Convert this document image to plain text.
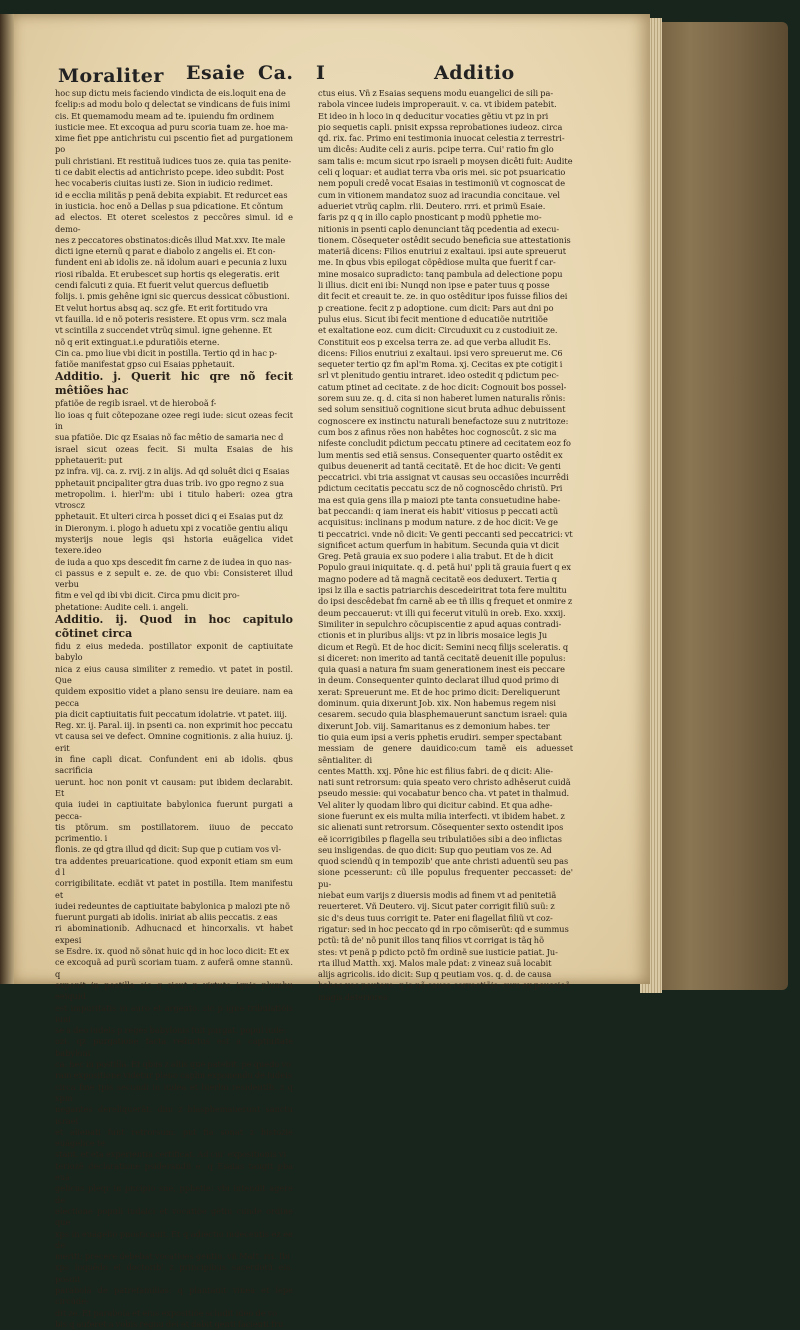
Moraliter Esaie Ca. I	Additio
hoc sup dictu meis faciendo vindicta de eis.loquit ena de
fcelip:s ad modu bolo q delectat se vindicans de fuis inimi
cis. Et quemamodu meam ad te. ipuiendu fm ordinem
iusticie mee. Et excoqua ad puru scoria tuam ze. hoe ma-
xime fiet ppe antichristu cui pscentio fiet ad purgationem po
puli christiani. Et restituã iudices tuos ze. quia tas penite-
ti ce dabit electis ad antichristo pcepe. ideo subdit: Post
hec vocaberis ciuitas iusti ze. Sion in iudicio redimet.
id e ecclia militãs p penã debita expiabit. Et redurcet eas
in iusticia. hoc enõ a Dellas p sua pdicatione. Et cõntum
ad electos. Et oteret scelestos z peccõres simul. id e demo-
nes z peccatores obstinatos:dicês illud Mat.xxv. Ite male
dicti igne eternũ q parat e diabolo z angelis ei. Et con-
fundent eni ab idolis ze. nã idolum auari e pecunia z luxu
riosi ribalda. Et erubescet sup hortis qs elegeratis. erit
cendi falcuti z quia. Et fuerit velut quercus defluetib
folijs. i. pmis gehêne igni sic quercus dessicat cõbustioni.
Et velut hortus absq aq. scz gfe. Et erit fortitudo vra
vt fauilla. id e nõ poteris resistere. Et opus vrm. scz mala
vt scintilla z succendet vtrũq simul. igne gehenne. Et
nõ q erit extinguat.i.e pduratiõis eterne.
Cin ca. pmo liue vbi dicit in postilla. Tertio qd in hac p-
fatiõe manifestat gpso cui Esaias pphetauit.
Additio. j. Querit hic qre nõ fecit mêtiões hac
pfatiõe de regib israel. vt de hieroboã f-
lio ioas q fuit cõtepozane ozee regi iude: sicut ozeas fecit in
sua pfatiõe. Dic qz Esaias nõ fac mêtio de samaria nec d
israel sicut ozeas fecit. Si multa Esaias de his pphetauerit: put
pz infra. vij. ca. z. rvij. z in alijs. Ad qd soluêt dici q Esaias
pphetauit pncipaliter gtra duas trib. ivo gpo regno z sua
metropolim. i. hierl'm: ubi i titulo haberi: ozea gtra vtroscz
pphetauit. Et ulteri circa h posset dici q ei Esaias put dz
in Dieronym. i. plogo h aduetu xpi z vocatiõe gentiu aliqu
mysterijs noue legis qsi hstoria euãgelica videt texere.ideo
de iuda a quo xps descedit fm carne z de iudea in quo nas-
ci passus e z sepult e. ze. de quo vbi: Consisteret illud verbu
fitm e vel qd ibi vbi dicit. Circa pmu dicit pro-
phetatione: Audite celi. i. angeli.
Additio. ij. Quod in hoc capitulo cõtinet circa
fidu z eius mededa. postillator exponit de captiuitate babylo
nica z eius causa similiter z remedio. vt patet in postil. Que
quidem expositio videt a plano sensu ire deuiare. nam ea pecca
pia dicit captiuitatis fuit peccatum idolatrie. vt patet. iiij.
Reg. xr. ij. Paral. iij. in psenti ca. non exprimit hoc peccatu
vt causa sei ve defect. Omnine cognitionis. z alia huiuz. ij. erit
in fine capli dicat. Confundent eni ab idolis. qbus sacrificia
uerunt. hoc non ponit vt causam: put ibidem declarabit. Et
quia iudei in captiuitate babylonica fuerunt purgati a pecca-
tis ptõrum. sm postillatorem. iiuuo de peccato pcrimentio. i
flonis. ze qd gtra illud qd dicit: Sup que p cutiam vos vl-
tra addentes preuaricatione. quod exponit etiam sm eum d l
corrigibilitate. ecdiãt vt patet in postilla. Item manifestu et
iudei redeuntes de captiuitate babylonica p malozi pte nõ
fuerunt purgati ab idolis. iniriat ab aliis peccatis. z eas
ri abominationib. Adhucnacd et hincorxalis. vt habet expesi
se Esdre. ix. quod nõ sõnat huic qd in hoc loco dicit: Et ex
ce excoquã ad purũ scoriam tuam. z auferã omne stannũ. q
exponit in postilla sic q sicut p virtute ignis plumbu eeiquid
est impuritatis in auro et argento. sic p igne tribulatiõis iuni
se a deo iudeis p reges babylonis fuit purgat. popul iude:
ozi. qz purgatione facta reductus est a captiuitate babyloni
ca. hec in postilla. Et qbus z aliis que patebit. pe quedo vo
ram expositione videtur pleno caplm exponendu de iudeis
circa fine tpis secundi in iudea et hierlm residentib. z q xpm
negantes dereliquerãt: dim z blasphemauerunt sanctu israel
et alienati funt retrorsum. put fia sonat z histozie euãgelice te
stant. et eta experientia certificat. Ad cui' expositionis vi
teriozẽ declaratione psiderandũ e. q Esaias tangit pba euã
gelicus pleqr in pncipio sue, pphetie: vbi intendit agere de
electione populi iudaici et vocatiõe gẽtiu cunde ordine que
xps in euãgelio pnosticauit. Et q adiectio indecentis ez ee de
meriti: precere debebat vocatioes gentiu. vñ Matt. rri. Ibi
xps loquêdo ei doctorib' z principibus sacerdotũ eis. posuit
parabolã de patrefamilias: q plantauit vinea et lepe circũde-
dit ze. Et parabola et eius expositiõe scludit ideo de vo
bis q auferet a vobis regnu dei et dabit genti facienti fru
ctus eius. Vñ z Esaias sequens modu euangelici de sili pa-
rabola vincee iudeis improperauit. v. ca. vt ibidem patebit.
Et ideo in h loco in q deducitur vocaties gẽtiu vt pz in pri
pio sequetis capli. pnisit expssa reprobationes iudeoz. circa
qd. rix. fac. Primo eni testimonia inuocat celestia z terrestri-
um dicês: Audite celi z auris. pcipe terra. Cui' ratio fm glo
sam talis e: mcum sicut rpo israeli p moysen dicêti fuit: Audite
celi q loquar: et audiat terra vba oris mei. sic pot psuaricatio
nem populi credê vocat Esaias in testimoniũ vt cognoscat de
cum in vitionem mandatoz suoz ad iracundia concitaue. vel
adueriet vtrũq caplm. rlii. Deutero. rrri. et primũ Esaie.
faris pz q q in illo caplo pnosticant p modũ pphetie mo-
nitionis in psenti caplo denunciant tãq pcedentia ad execu-
tionem. Cõsequeter ostêdit secudo beneficia sue attestationis
materiã dicens: Filios enutriui z exaltaui. ipsi aute spreuerut
me. In qbus vbis epilogat cõpêdiose multa que fuerit f car-
mine mosaico supradicto: tanq pambula ad delectione popu
li illius. dicit eni ibi: Nunqd non ipse e pater tuus q posse
dit fecit et creauit te. ze. in quo ostêditur ipos fuisse filios dei
p creatione. fecit z p adoptione. cum dicit: Pars aut dni po
pulus eius. Sicut ibi fecit mentione d educatiõe nutritiõe
et exaltatione eoz. cum dicit: Circuduxit cu z custodiuit ze.
Constituit eos p excelsa terra ze. ad que verba alludit Es.
dicens: Filios enutriui z exaltaui. ipsi vero spreuerut me. C6
sequeter tertio qz fm apl'm Roma. xj. Cecitas ex pte cotigit i
srl vt plenitudo gentiu intraret. ideo ostedit q pdictum pec-
catum ptinet ad cecitate. z de hoc dicit: Cognouit bos possel-
sorem suu ze. q. d. cita si non haberet lumen naturalis rõnis:
sed solum sensitiuõ cognitione sicut bruta adhuc debuissent
cognoscere ex instinctu naturali benefactoze suu z nutritoze:
cum bos z afinus rões non habêtes hoc cognoscût. z sic ma
nifeste concludit pdictum peccatu ptinere ad cecitatem eoz fo
lum mentis sed etiã sensus. Consequenter quarto ostêdit ex
quibus deuenerit ad tantã cecitatẽ. Et de hoc dicit: Ve genti
peccatrici. vbi tria assignat vt causas seu occasiões incurrêdi
pdictum cecitatis peccatu scz de nõ cognoscêdo christũ. Pri
ma est quia gens illa p maiozi pte tanta consuetudine habe-
bat peccandi: q iam inerat eis habit' vitiosus p peccati actũ
acquisitus: inclinans p modum nature. z de hoc dicit: Ve ge
ti peccatrici. vnde nõ dicit: Ve genti peccanti sed peccatrici: vt
significet actum querfum in habitum. Secunda quia vt dicit
Greg. Petã grauia ex suo podere i alia trabut. Et de h dicit
Populo graui iniquitate. q. d. petã hui' ppli tã grauia fuert q ex
magno podere ad tã magnã cecitatẽ eos deduxert. Tertia q
ipsi lz illa e sactis patriarchis descedeiritrat tota fere multitu
do ipsi descêdebat fm carnẽ ab ee tñ illis q frequet et onmire z
deum peccauerut: vt illi qui fecerut vitulũ in oreb. Exo. xxxij.
Similiter in sepulchro cõcupiscentie z apud aquas contradi-
ctionis et in pluribus alijs: vt pz in libris mosaice legis Ju
dicum et Regũ. Et de hoc dicit: Semini necq filijs sceleratis. q
si diceret: non imerito ad tantã cecitatẽ deuenit ille populus:
quia quasi a natura fm suam generationem inest eis peccare
in deum. Consequenter quinto declarat illud quod primo di
xerat: Spreuerunt me. Et de hoc primo dicit: Dereliquerunt
dominum. quia dixerunt Job. xix. Non habemus regem nisi
cesarem. secudo quia blasphemauerunt sanctum israel: quia
dixerunt Job. viij. Samaritanus es z demonium habes. ter
tio quia eum ipsi a veris pphetis erudiri. semper spectabant
messiam de genere dauidico:cum tamẽ eis aduesset sẽntialiter. di
centes Matth. xxj. Pône hic est filius fabri. de q dicit: Alie-
nati sunt retrorsum: quia speato vero christo adhêserut cuidã
pseudo messie: qui vocabatur benco cha. vt patet in thalmud.
Vel aliter ly quodam libro qui dicitur cabind. Et qua adhe-
sione fuerunt ex eis multa milia interfecti. vt ibidem habet. z
sic alienati sunt retrorsum. Cõsequenter sexto ostendit ipos
eẽ icorrigibiles p flagella seu tribulatiões sibi a deo inflictas
seu insligendas. de quo dicit: Sup quo peutiam vos ze. Ad
quod sciendũ q in tempozib' que ante christi aduentũ seu pas
sione pcesserunt: cũ ille populus frequenter peccasset: de' pu-
niebat eum varijs z diuersis modis ad finem vt ad penitetiã
reuerteret. Vñ Deutero. vij. Sicut pater corrigit filiũ suũ: z
sic d's deus tuus corrigit te. Pater eni flagellat filiũ vt coz-
rigatur: sed in hoc peccato qd in rpo cõmiserũt: qd e summus
pctũ: tã de' nõ punit illos tanq filios vt corrigat is tãq hõ
stes: vt penã p pdicto pctõ fm ordinẽ sue iusticie patiat. Ju-
rta illud Matth. xxj. Malos male pdat: z vineaz suã locabit
alijs agricolis. ido dicit: Sup q peutiam vos. q. d. de causa
habeo vos peutere: q ia nõ causa correctiõis: cum ex peussioẽ
magis deteriores
